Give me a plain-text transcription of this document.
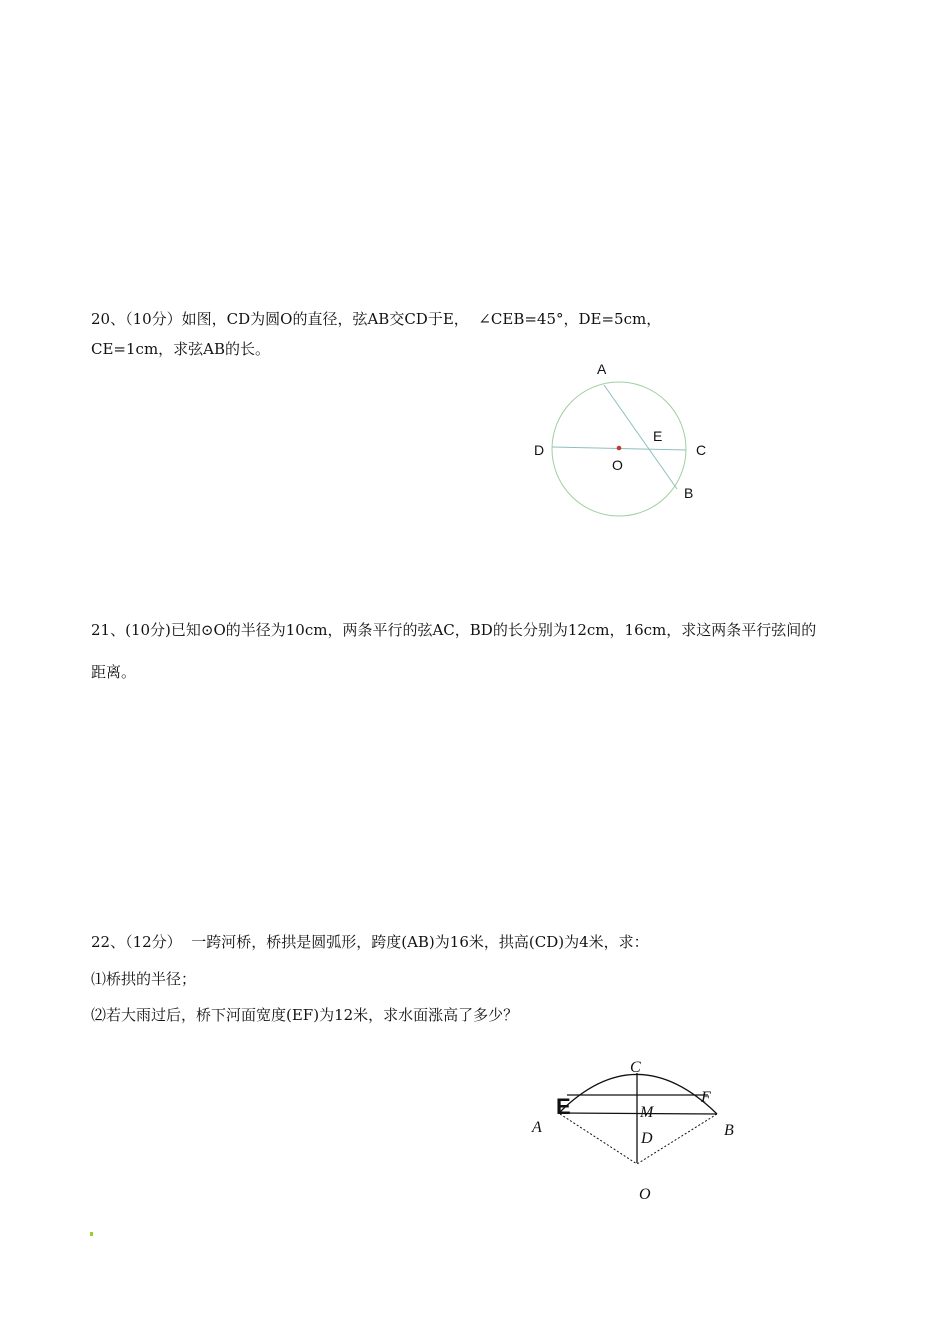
20、（10分）如图，CD为圆O的直径，弦AB交CD于E，  ∠CEB=45°，DE=5cm，
CE=1cm，求弦AB的长。
A
E
D	C
O
B
21、(10分)已知⊙O的半径为10cm，两条平行的弦AC，BD的长分别为12cm，16cm，求这两条平行弦间的
距离。
22、（12分）  一跨河桥，桥拱是圆弧形，跨度(AB)为16米，拱高(CD)为4米，求：
⑴桥拱的半径；
⑵若大雨过后，桥下河面宽度(EF)为12米，求水面涨高了多少？
C
F
E	M
A
D	B
O
